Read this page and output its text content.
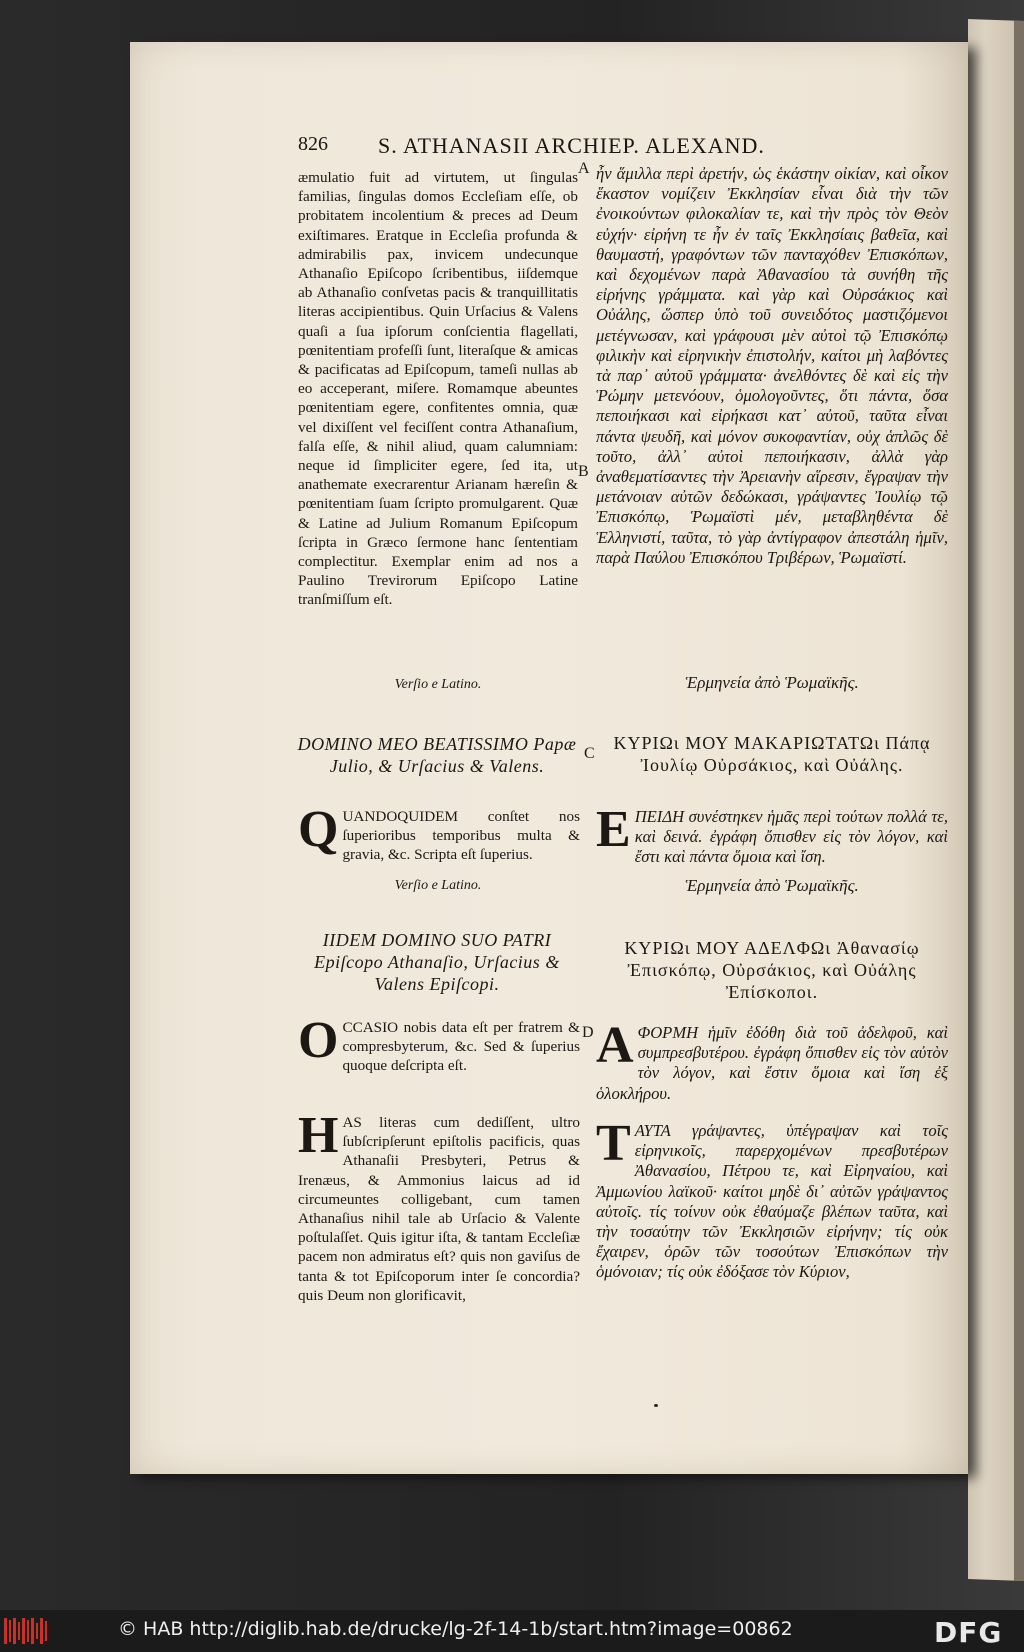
826 S. ATHANASII ARCHIEP. ALEXAND.
A
B
C
D

æmulatio fuit ad virtutem, ut ſingulas familias, ſingulas domos Eccleſiam eſſe, ob probitatem incolentium & preces ad Deum exiſtimares. Eratque in Eccleſia profunda & admirabilis pax, invicem undecunque Athanaſio Epiſcopo ſcribentibus, iiſdemque ab Athanaſio conſvetas pacis & tranquillitatis literas accipientibus. Quin Urſacius & Valens quaſi a ſua ipſorum conſcientia flagellati, pœnitentiam profeſſi ſunt, literaſque & amicas & pacificatas ad Epiſcopum, tameſi nullas ab eo acceperant, miſere. Romamque abeuntes pœnitentiam egere, confitentes omnia, quæ vel dixiſſent vel feciſſent contra Athanaſium, falſa eſſe, & nihil aliud, quam calumniam: neque id ſimpliciter egere, ſed ita, ut anathemate execrarentur Arianam hæreſin & pœnitentiam ſuam ſcripto promulgarent. Quæ & Latine ad Julium Romanum Epiſcopum ſcripta in Græco ſermone hanc ſententiam complectitur. Exemplar enim ad nos a Paulino Trevirorum Epiſcopo Latine tranſmiſſum eſt.

Verſio e Latino.
DOMINO MEO BEATISSIMO Papæ Julio, & Urſacius & Valens.
Q UANDOQUIDEM conſtet nos ſuperioribus temporibus multa & gravia, &c. Scripta eſt ſuperius.
Verſio e Latino.
IIDEM DOMINO SUO PATRI Epiſcopo Athanaſio, Urſacius & Valens Epiſcopi.
O CCASIO nobis data eſt per fratrem & compresbyterum, &c. Sed & ſuperius quoque deſcripta eſt.
H AS literas cum dediſſent, ultro ſubſcripſerunt epiſtolis pacificis, quas Athanaſii Presbyteri, Petrus & Irenæus, & Ammonius laicus ad id circumeuntes colligebant, cum tamen Athanaſius nihil tale ab Urſacio & Valente poſtulaſſet. Quis igitur iſta, & tantam Eccleſiæ pacem non admiratus eſt? quis non gaviſus de tanta & tot Epiſcoporum inter ſe concordia? quis Deum non glorificavit,

ἦν ἅμιλλα περὶ ἀρετήν, ὡς ἑκάστην οἰκίαν, καὶ οἶκον ἕκαστον νομίζειν Ἐκκλησίαν εἶναι διὰ τὴν τῶν ἐνοικούντων φιλοκαλίαν τε, καὶ τὴν πρὸς τὸν Θεὸν εὐχήν· εἰρήνη τε ἦν ἐν ταῖς Ἐκκλησίαις βαθεῖα, καὶ θαυμαστή, γραφόντων τῶν πανταχόθεν Ἐπισκόπων, καὶ δεχομένων παρὰ Ἀθανασίου τὰ συνήθη τῆς εἰρήνης γράμματα. καὶ γὰρ καὶ Οὐρσάκιος καὶ Οὐάλης, ὥσπερ ὑπὸ τοῦ συνειδότος μαστιζόμενοι μετέγνωσαν, καὶ γράφουσι μὲν αὐτοὶ τῷ Ἐπισκόπῳ φιλικὴν καὶ εἰρηνικὴν ἐπιστολήν, καίτοι μὴ λαβόντες τὰ παρ᾽ αὐτοῦ γράμματα· ἀνελθόντες δὲ καὶ εἰς τὴν Ῥώμην μετενόουν, ὁμολογοῦντες, ὅτι πάντα, ὅσα πεποιήκασι καὶ εἰρήκασι κατ᾽ αὐτοῦ, ταῦτα εἶναι πάντα ψευδῆ, καὶ μόνον συκοφαντίαν, οὐχ ἁπλῶς δὲ τοῦτο, ἀλλ᾽ αὐτοὶ πεποιήκασιν, ἀλλὰ γὰρ ἀναθεματίσαντες τὴν Ἀρειανὴν αἵρεσιν, ἔγραψαν τὴν μετάνοιαν αὐτῶν δεδώκασι, γράψαντες Ἰουλίῳ τῷ Ἐπισκόπῳ, Ῥωμαϊστὶ μέν, μεταβληθέντα δὲ Ἑλληνιστί, ταῦτα, τὸ γὰρ ἀντίγραφον ἀπεστάλη ἡμῖν, παρὰ Παύλου Ἐπισκόπου Τριβέρων, Ῥωμαϊστί.

Ἑρμηνεία ἀπὸ Ῥωμαϊκῆς.
ΚΥΡΙΩι ΜΟΥ ΜΑΚΑΡΙΩΤΑΤΩι Πάπᾳ Ἰουλίῳ Οὐρσάκιος, καὶ Οὐάλης.
Ε ΠΕΙΔΗ συνέστηκεν ἡμᾶς περὶ τούτων πολλά τε, καὶ δεινά. ἐγράφη ὄπισθεν εἰς τὸν λόγον, καὶ ἔστι καὶ πάντα ὅμοια καὶ ἴση.
Ἑρμηνεία ἀπὸ Ῥωμαϊκῆς.
ΚΥΡΙΩι ΜΟΥ ΑΔΕΛΦΩι Ἀθανασίῳ Ἐπισκόπῳ, Οὐρσάκιος, καὶ Οὐάλης Ἐπίσκοποι.
Α ΦΟΡΜΗ ἡμῖν ἐδόθη διὰ τοῦ ἀδελφοῦ, καὶ συμπρεσβυτέρου. ἐγράφη ὄπισθεν εἰς τὸν αὐτὸν τὸν λόγον, καὶ ἔστιν ὅμοια καὶ ἴση ἐξ ὁλοκλήρου.
Τ ΑΥΤΑ γράψαντες, ὑπέγραψαν καὶ τοῖς εἰρηνικοῖς, παρερχομένων πρεσβυτέρων Ἀθανασίου, Πέτρου τε, καὶ Εἰρηναίου, καὶ Ἀμμωνίου λαϊκοῦ· καίτοι μηδὲ δι᾽ αὐτῶν γράψαντος αὐτοῖς. τίς τοίνυν οὐκ ἐθαύμαζε βλέπων ταῦτα, καὶ τὴν τοσαύτην τῶν Ἐκκλησιῶν εἰρήνην; τίς οὐκ ἔχαιρεν, ὁρῶν τῶν τοσούτων Ἐπισκόπων τὴν ὁμόνοιαν; τίς οὐκ ἐδόξασε τὸν Κύριον,
© HAB http://diglib.hab.de/drucke/lg-2f-14-1b/start.htm?image=00862	DFG
